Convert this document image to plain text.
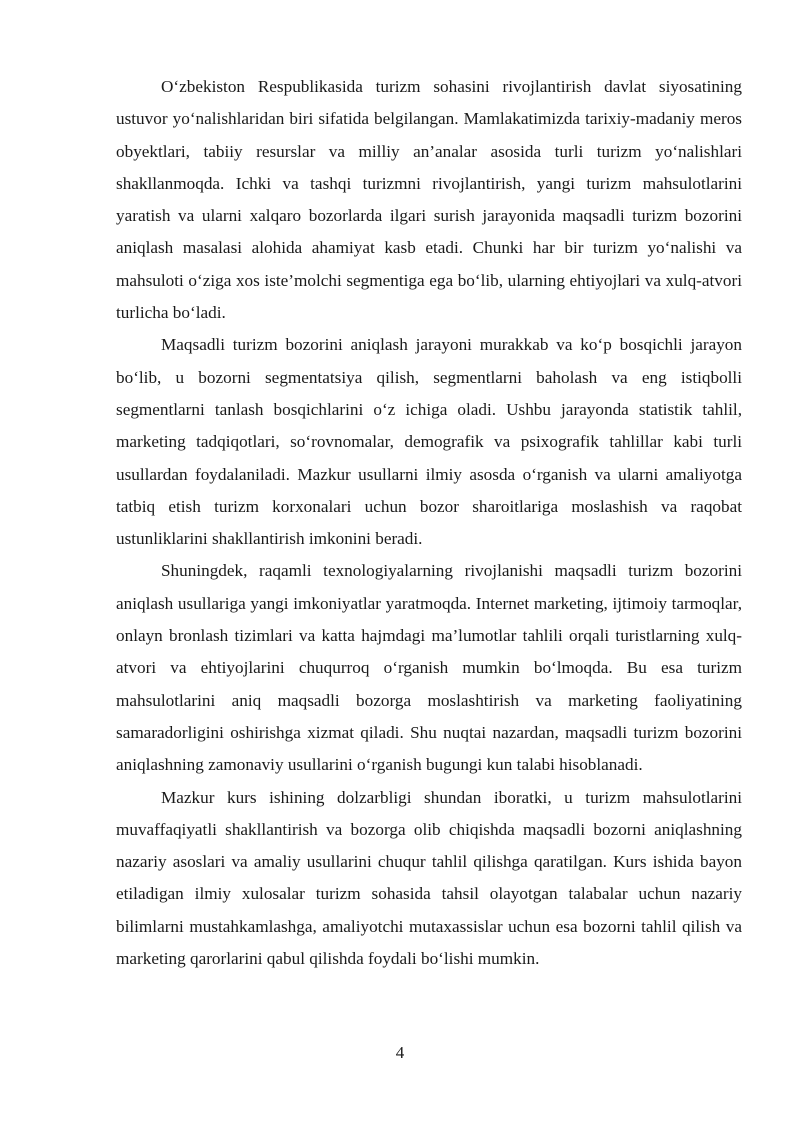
O‘zbekiston Respublikasida turizm sohasini rivojlantirish davlat siyosatining ustuvor yo‘nalishlaridan biri sifatida belgilangan. Mamlakatimizda tarixiy-madaniy meros obyektlari, tabiiy resurslar va milliy an’analar asosida turli turizm yo‘nalishlari shakllanmoqda. Ichki va tashqi turizmni rivojlantirish, yangi turizm mahsulotlarini yaratish va ularni xalqaro bozorlarda ilgari surish jarayonida maqsadli turizm bozorini aniqlash masalasi alohida ahamiyat kasb etadi. Chunki har bir turizm yo‘nalishi va mahsuloti o‘ziga xos iste’molchi segmentiga ega bo‘lib, ularning ehtiyojlari va xulq-atvori turlicha bo‘ladi.

Maqsadli turizm bozorini aniqlash jarayoni murakkab va ko‘p bosqichli jarayon bo‘lib, u bozorni segmentatsiya qilish, segmentlarni baholash va eng istiqbolli segmentlarni tanlash bosqichlarini o‘z ichiga oladi. Ushbu jarayonda statistik tahlil, marketing tadqiqotlari, so‘rovnomalar, demografik va psixografik tahlillar kabi turli usullardan foydalaniladi. Mazkur usullarni ilmiy asosda o‘rganish va ularni amaliyotga tatbiq etish turizm korxonalari uchun bozor sharoitlariga moslashish va raqobat ustunliklarini shakllantirish imkonini beradi.

Shuningdek, raqamli texnologiyalarning rivojlanishi maqsadli turizm bozorini aniqlash usullariga yangi imkoniyatlar yaratmoqda. Internet marketing, ijtimoiy tarmoqlar, onlayn bronlash tizimlari va katta hajmdagi ma’lumotlar tahlili orqali turistlarning xulq-atvori va ehtiyojlarini chuqurroq o‘rganish mumkin bo‘lmoqda. Bu esa turizm mahsulotlarini aniq maqsadli bozorga moslashtirish va marketing faoliyatining samaradorligini oshirishga xizmat qiladi. Shu nuqtai nazardan, maqsadli turizm bozorini aniqlashning zamonaviy usullarini o‘rganish bugungi kun talabi hisoblanadi.

Mazkur kurs ishining dolzarbligi shundan iboratki, u turizm mahsulotlarini muvaffaqiyatli shakllantirish va bozorga olib chiqishda maqsadli bozorni aniqlashning nazariy asoslari va amaliy usullarini chuqur tahlil qilishga qaratilgan. Kurs ishida bayon etiladigan ilmiy xulosalar turizm sohasida tahsil olayotgan talabalar uchun nazariy bilimlarni mustahkamlashga, amaliyotchi mutaxassislar uchun esa bozorni tahlil qilish va marketing qarorlarini qabul qilishda foydali bo‘lishi mumkin.

4
